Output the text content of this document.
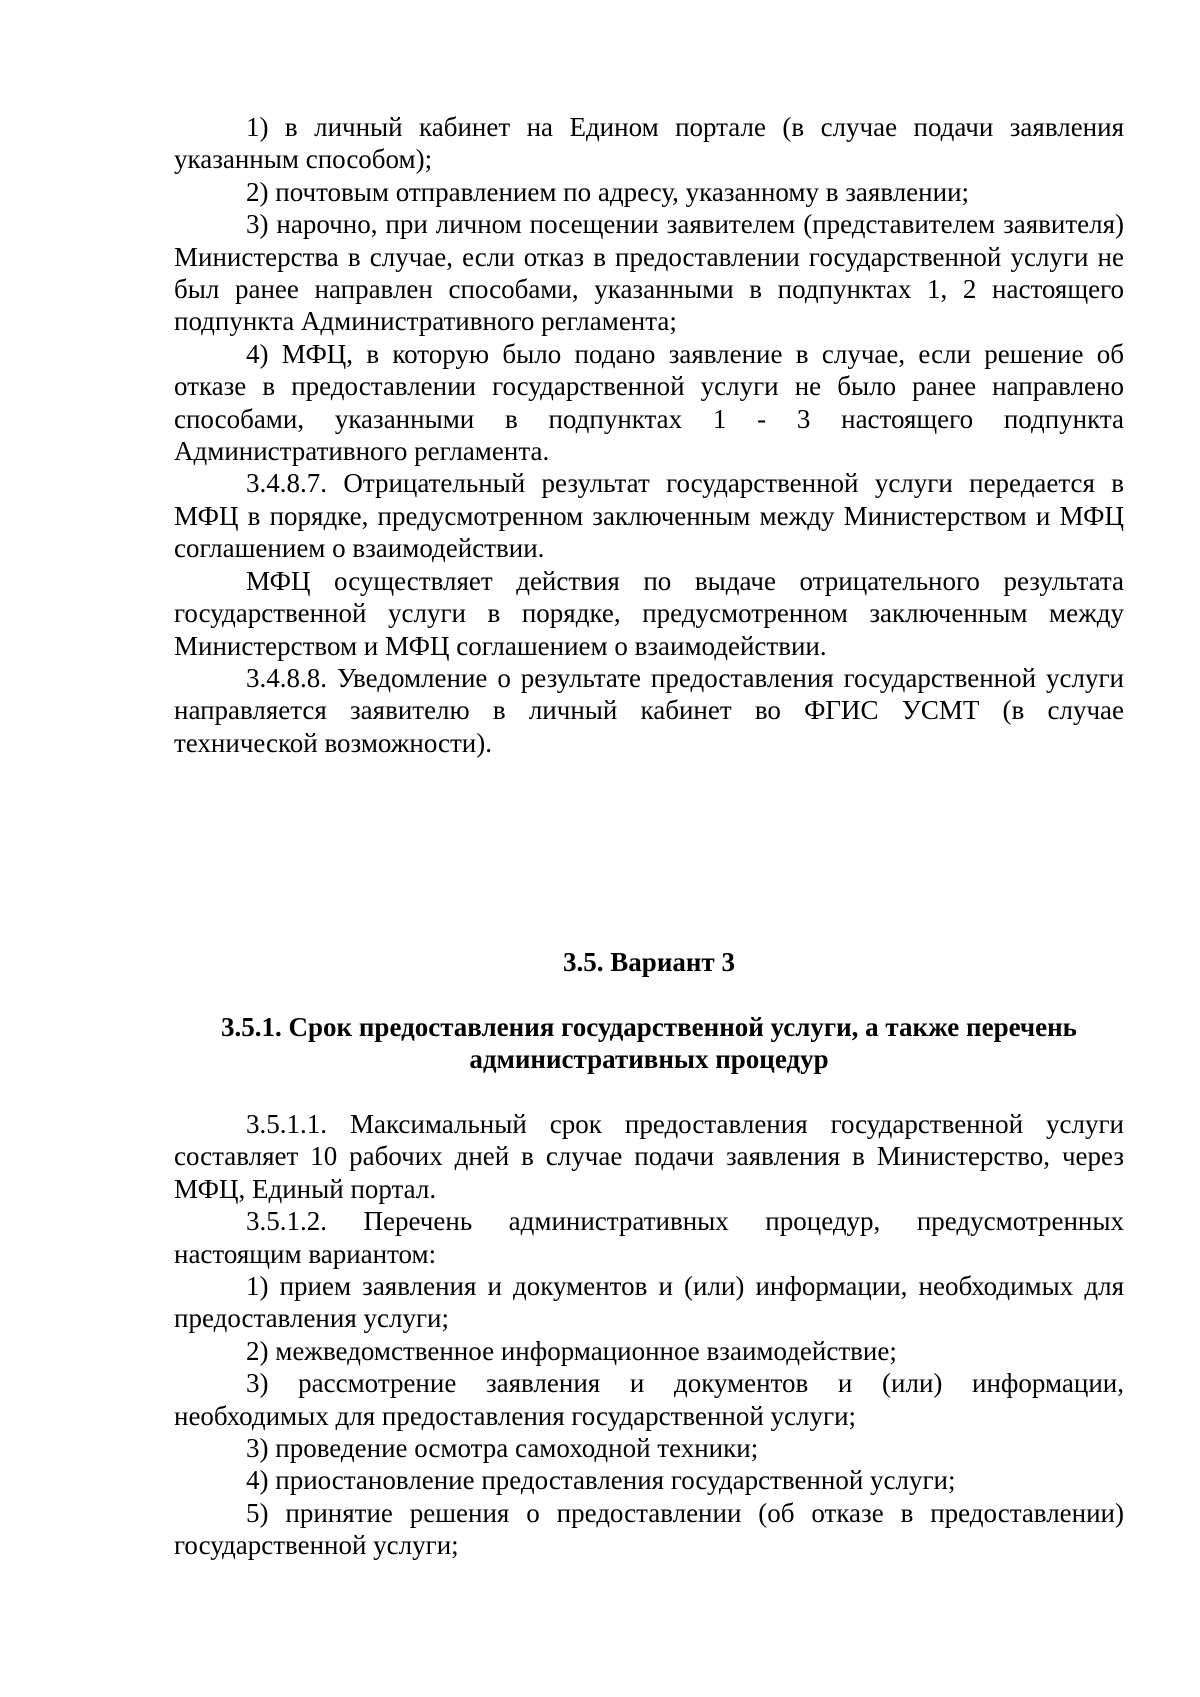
1) в личный кабинет на Едином портале (в случае подачи заявления указанным способом);

2) почтовым отправлением по адресу, указанному в заявлении;

3) нарочно, при личном посещении заявителем (представителем заявителя) Министерства в случае, если отказ в предоставлении государственной услуги не был ранее направлен способами, указанными в подпунктах 1, 2 настоящего подпункта Административного регламента;

4) МФЦ, в которую было подано заявление в случае, если решение об отказе в предоставлении государственной услуги не было ранее направлено способами, указанными в подпунктах 1 - 3 настоящего подпункта Административного регламента.

3.4.8.7. Отрицательный результат государственной услуги передается в МФЦ в порядке, предусмотренном заключенным между Министерством и МФЦ соглашением о взаимодействии.

МФЦ осуществляет действия по выдаче отрицательного результата государственной услуги в порядке, предусмотренном заключенным между Министерством и МФЦ соглашением о взаимодействии.

3.4.8.8. Уведомление о результате предоставления государственной услуги направляется заявителю в личный кабинет во ФГИС УСМТ (в случае технической возможности).

3.5. Вариант 3
3.5.1. Срок предоставления государственной услуги, а также перечень административных процедур

3.5.1.1. Максимальный срок предоставления государственной услуги составляет 10 рабочих дней в случае подачи заявления в Министерство, через МФЦ, Единый портал.

3.5.1.2. Перечень административных процедур, предусмотренных настоящим вариантом:

1) прием заявления и документов и (или) информации, необходимых для предоставления услуги;

2) межведомственное информационное взаимодействие;

3) рассмотрение заявления и документов и (или) информации, необходимых для предоставления государственной услуги;

3) проведение осмотра самоходной техники;

4) приостановление предоставления государственной услуги;

5) принятие решения о предоставлении (об отказе в предоставлении) государственной услуги;
